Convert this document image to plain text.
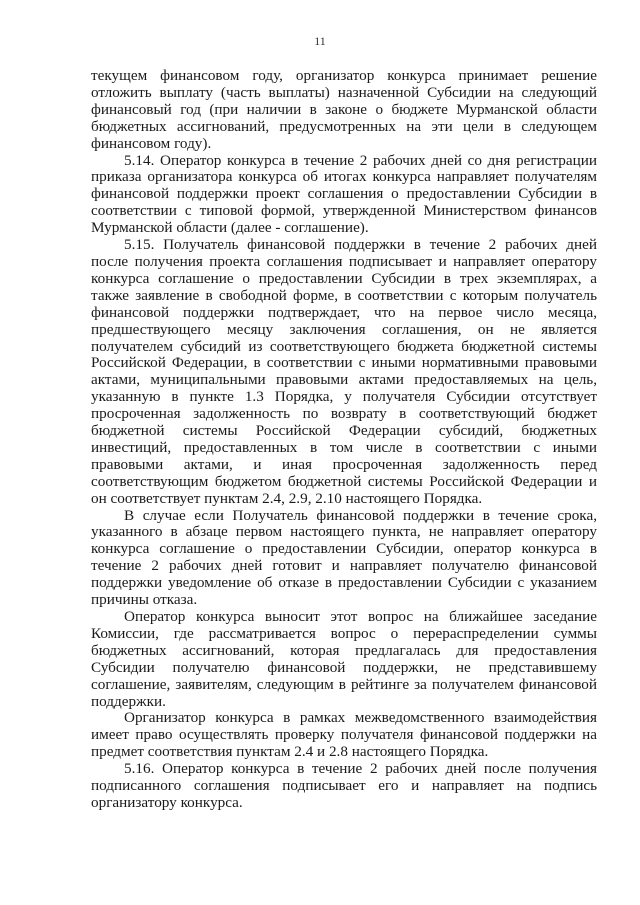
11

текущем финансовом году, организатор конкурса принимает решение отложить выплату (часть выплаты) назначенной Субсидии на следующий финансовый год (при наличии в законе о бюджете Мурманской области бюджетных ассигнований, предусмотренных на эти цели в следующем финансовом году).

5.14. Оператор конкурса в течение 2 рабочих дней со дня регистрации приказа организатора конкурса об итогах конкурса направляет получателям финансовой поддержки проект соглашения о предоставлении Субсидии в соответствии с типовой формой, утвержденной Министерством финансов Мурманской области (далее - соглашение).

5.15. Получатель финансовой поддержки в течение 2 рабочих дней после получения проекта соглашения подписывает и направляет оператору конкурса соглашение о предоставлении Субсидии в трех экземплярах, а также заявление в свободной форме, в соответствии с которым получатель финансовой поддержки подтверждает, что на первое число месяца, предшествующего месяцу заключения соглашения, он не является получателем субсидий из соответствующего бюджета бюджетной системы Российской Федерации, в соответствии с иными нормативными правовыми актами, муниципальными правовыми актами предоставляемых на цель, указанную в пункте 1.3 Порядка, у получателя Субсидии отсутствует просроченная задолженность по возврату в соответствующий бюджет бюджетной системы Российской Федерации субсидий, бюджетных инвестиций, предоставленных в том числе в соответствии с иными правовыми актами, и иная просроченная задолженность перед соответствующим бюджетом бюджетной системы Российской Федерации и он соответствует пунктам 2.4, 2.9, 2.10 настоящего Порядка.

В случае если Получатель финансовой поддержки в течение срока, указанного в абзаце первом настоящего пункта, не направляет оператору конкурса соглашение о предоставлении Субсидии, оператор конкурса в течение 2 рабочих дней готовит и направляет получателю финансовой поддержки уведомление об отказе в предоставлении Субсидии с указанием причины отказа.

Оператор конкурса выносит этот вопрос на ближайшее заседание Комиссии, где рассматривается вопрос о перераспределении суммы бюджетных ассигнований, которая предлагалась для предоставления Субсидии получателю финансовой поддержки, не представившему соглашение, заявителям, следующим в рейтинге за получателем финансовой поддержки.

Организатор конкурса в рамках межведомственного взаимодействия имеет право осуществлять проверку получателя финансовой поддержки на предмет соответствия пунктам 2.4 и 2.8 настоящего Порядка.

5.16. Оператор конкурса в течение 2 рабочих дней после получения подписанного соглашения подписывает его и направляет на подпись организатору конкурса.
